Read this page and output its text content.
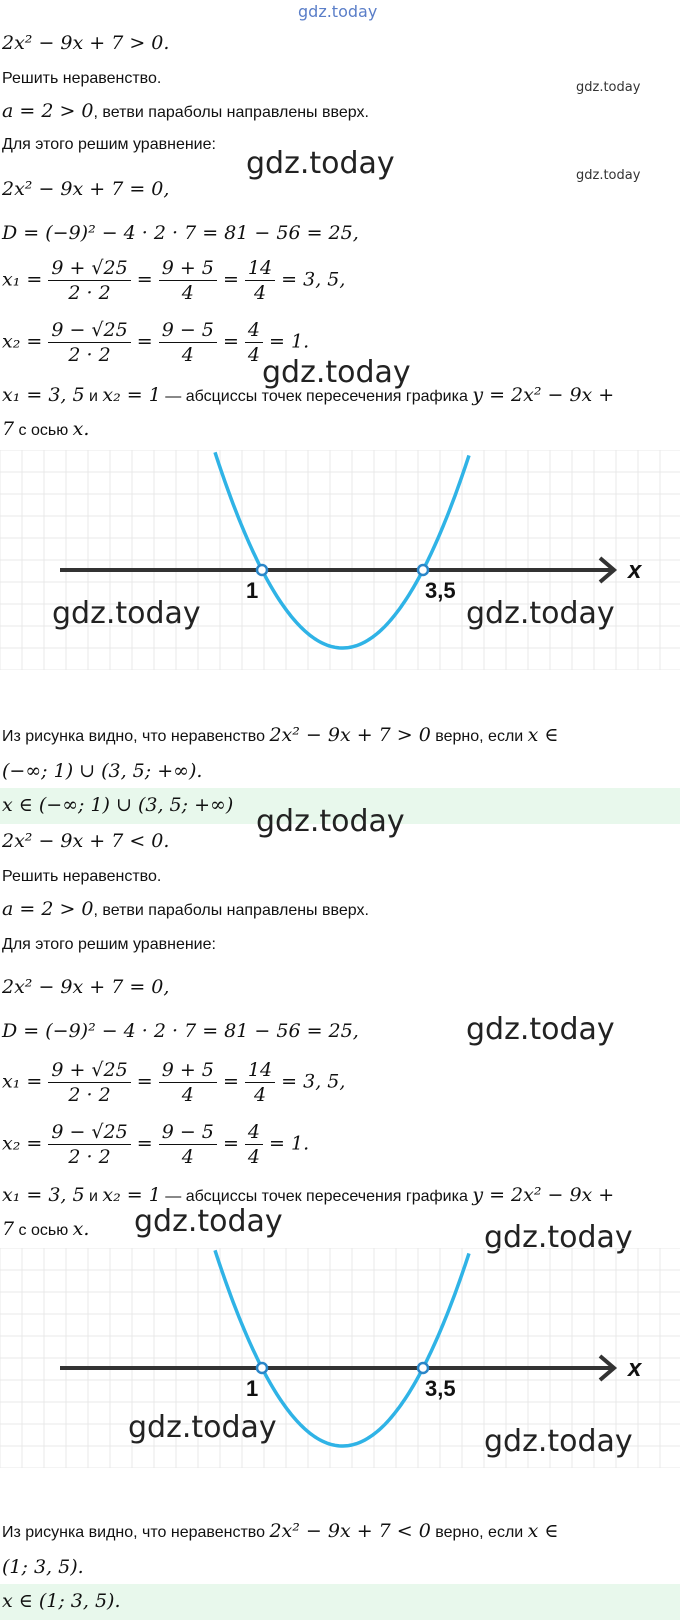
gdz.today
2x² − 9x + 7 > 0.
Решить неравенство.
gdz.today
a = 2 > 0, ветви параболы направлены вверх.
Для этого решим уравнение:
gdz.today	gdz.today
2x² − 9x + 7 = 0,
D = (−9)² − 4 · 2 · 7 = 81 − 56 = 25,
$x_1 = \frac{9 + √25}{2 \cdot 2} = \frac{9 + 5}{4} = \frac{14}{4} = 3$, 5,
$x_2 = \frac{9 - √25}{2 \cdot 2} = \frac{9 - 5}{4} = \frac{4}{4} = 1$.
gdz.today
x₁ = 3, 5 и x₂ = 1 — абсциссы точек пересечения графика y = 2x² − 9x +
7 с осью x.
1	3,5
x
gdz.today	gdz.today
Из рисунка видно, что неравенство 2x² − 9x + 7 > 0 верно, если x ∈
(−∞; 1) ∪ (3, 5; +∞).
x ∈ (−∞; 1) ∪ (3, 5; +∞) gdz.today
2x² − 9x + 7 < 0.
Решить неравенство.
a = 2 > 0, ветви параболы направлены вверх.
Для этого решим уравнение:
2x² − 9x + 7 = 0,
D = (−9)² − 4 · 2 · 7 = 81 − 56 = 25,	gdz.today
$x_1 = \frac{9 + √25}{2 \cdot 2} = \frac{9 + 5}{4} = \frac{14}{4} = 3$, 5,
$x_2 = \frac{9 - √25}{2 \cdot 2} = \frac{9 - 5}{4} = \frac{4}{4} = 1$.
x₁ = 3, 5 и x₂ = 1 — абсциссы точек пересечения графика y = 2x² − 9x +
7 с осью x. gdz.today	gdz.today
1	3,5
x
gdz.today	gdz.today
Из рисунка видно, что неравенство 2x² − 9x + 7 < 0 верно, если x ∈
(1; 3, 5).
x ∈ (1; 3, 5).
